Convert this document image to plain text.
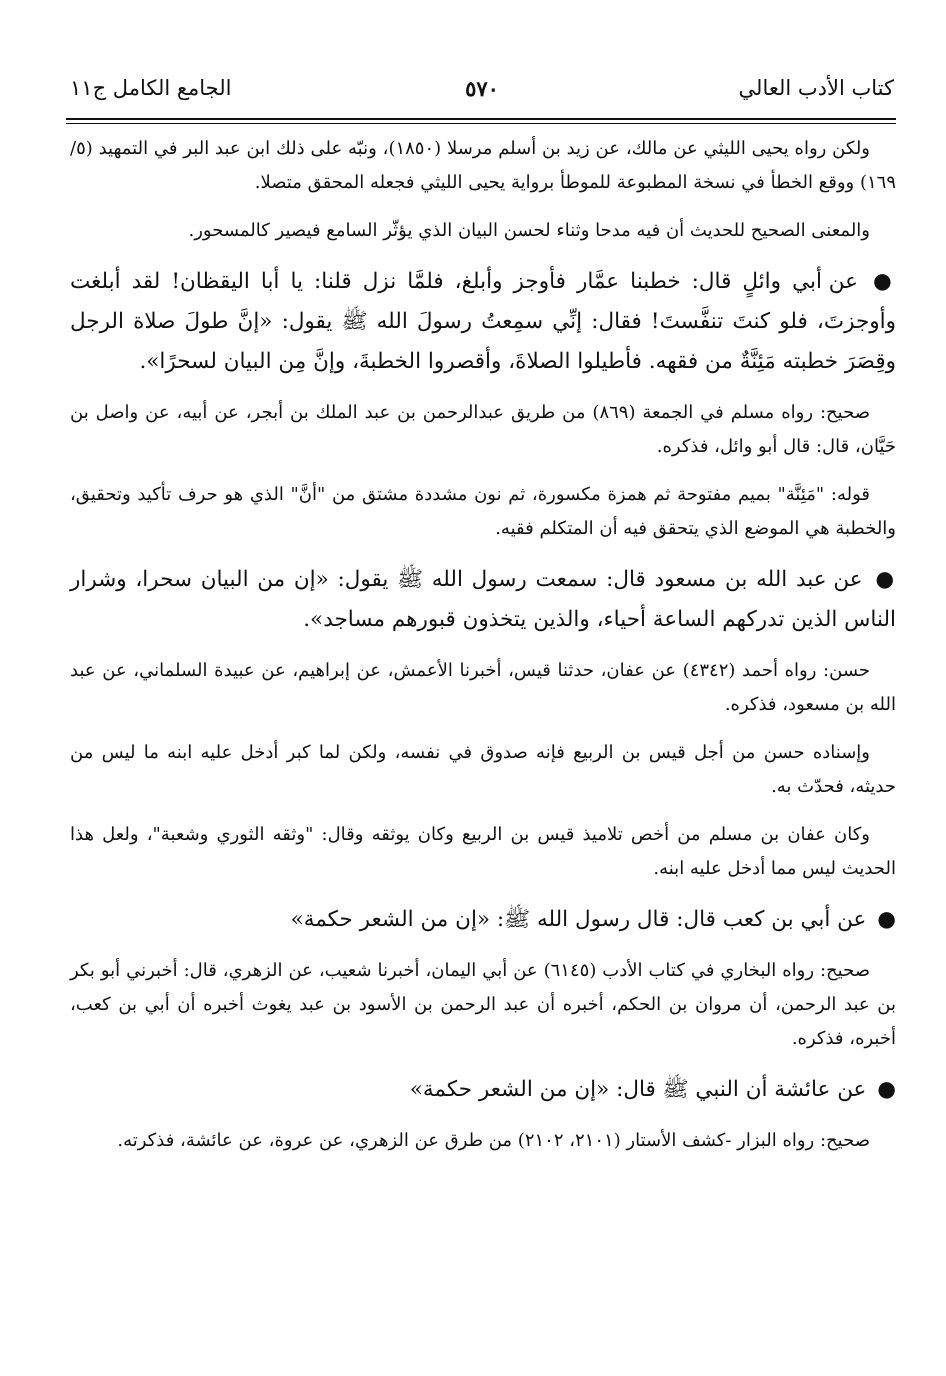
كتاب الأدب العالي
٥٧٠
الجامع الكامل ج١١
ولكن رواه يحيى الليثي عن مالك، عن زيد بن أسلم مرسلا (١٨٥٠)، ونبّه على ذلك ابن عبد البر في التمهيد (٥/ ١٦٩) ووقع الخطأ في نسخة المطبوعة للموطأ برواية يحيى الليثي فجعله المحقق متصلا.
والمعنى الصحيح للحديث أن فيه مدحا وثناء لحسن البيان الذي يؤثّر السامع فيصير كالمسحور.
● عن أبي وائلٍ قال: خطبنا عمَّار فأوجز وأبلغ، فلمَّا نزل قلنا: يا أبا اليقظان! لقد أبلغت وأوجزتَ، فلو كنتَ تنفَّستَ! فقال: إنِّي سمِعتُ رسولَ الله ﷺ يقول: «إنَّ طولَ صلاة الرجل وقِصَرَ خطبته مَئِنَّةٌ من فقهه. فأطيلوا الصلاةَ، وأقصروا الخطبةَ، وإنَّ مِن البيان لسحرًا».
صحيح: رواه مسلم في الجمعة (٨٦٩) من طريق عبدالرحمن بن عبد الملك بن أبجر، عن أبيه، عن واصل بن حَيَّان، قال: قال أبو وائل، فذكره.
قوله: "مَئِنَّة" بميم مفتوحة ثم همزة مكسورة، ثم نون مشددة مشتق من "أنَّ" الذي هو حرف تأكيد وتحقيق، والخطبة هي الموضع الذي يتحقق فيه أن المتكلم فقيه.
● عن عبد الله بن مسعود قال: سمعت رسول الله ﷺ يقول: «إن من البيان سحرا، وشرار الناس الذين تدركهم الساعة أحياء، والذين يتخذون قبورهم مساجد».
حسن: رواه أحمد (٤٣٤٢) عن عفان، حدثنا قيس، أخبرنا الأعمش، عن إبراهيم، عن عبيدة السلماني، عن عبد الله بن مسعود، فذكره.
وإسناده حسن من أجل قيس بن الربيع فإنه صدوق في نفسه، ولكن لما كبر أدخل عليه ابنه ما ليس من حديثه، فحدّث به.
وكان عفان بن مسلم من أخص تلاميذ قيس بن الربيع وكان يوثقه وقال: "وثقه الثوري وشعبة"، ولعل هذا الحديث ليس مما أدخل عليه ابنه.
● عن أبي بن كعب قال: قال رسول الله ﷺ: «إن من الشعر حكمة»
صحيح: رواه البخاري في كتاب الأدب (٦١٤٥) عن أبي اليمان، أخبرنا شعيب، عن الزهري، قال: أخبرني أبو بكر بن عبد الرحمن، أن مروان بن الحكم، أخبره أن عبد الرحمن بن الأسود بن عبد يغوث أخبره أن أبي بن كعب، أخبره، فذكره.
● عن عائشة أن النبي ﷺ قال: «إن من الشعر حكمة»
صحيح: رواه البزار -كشف الأستار (٢١٠١، ٢١٠٢) من طرق عن الزهري، عن عروة، عن عائشة، فذكرته.
